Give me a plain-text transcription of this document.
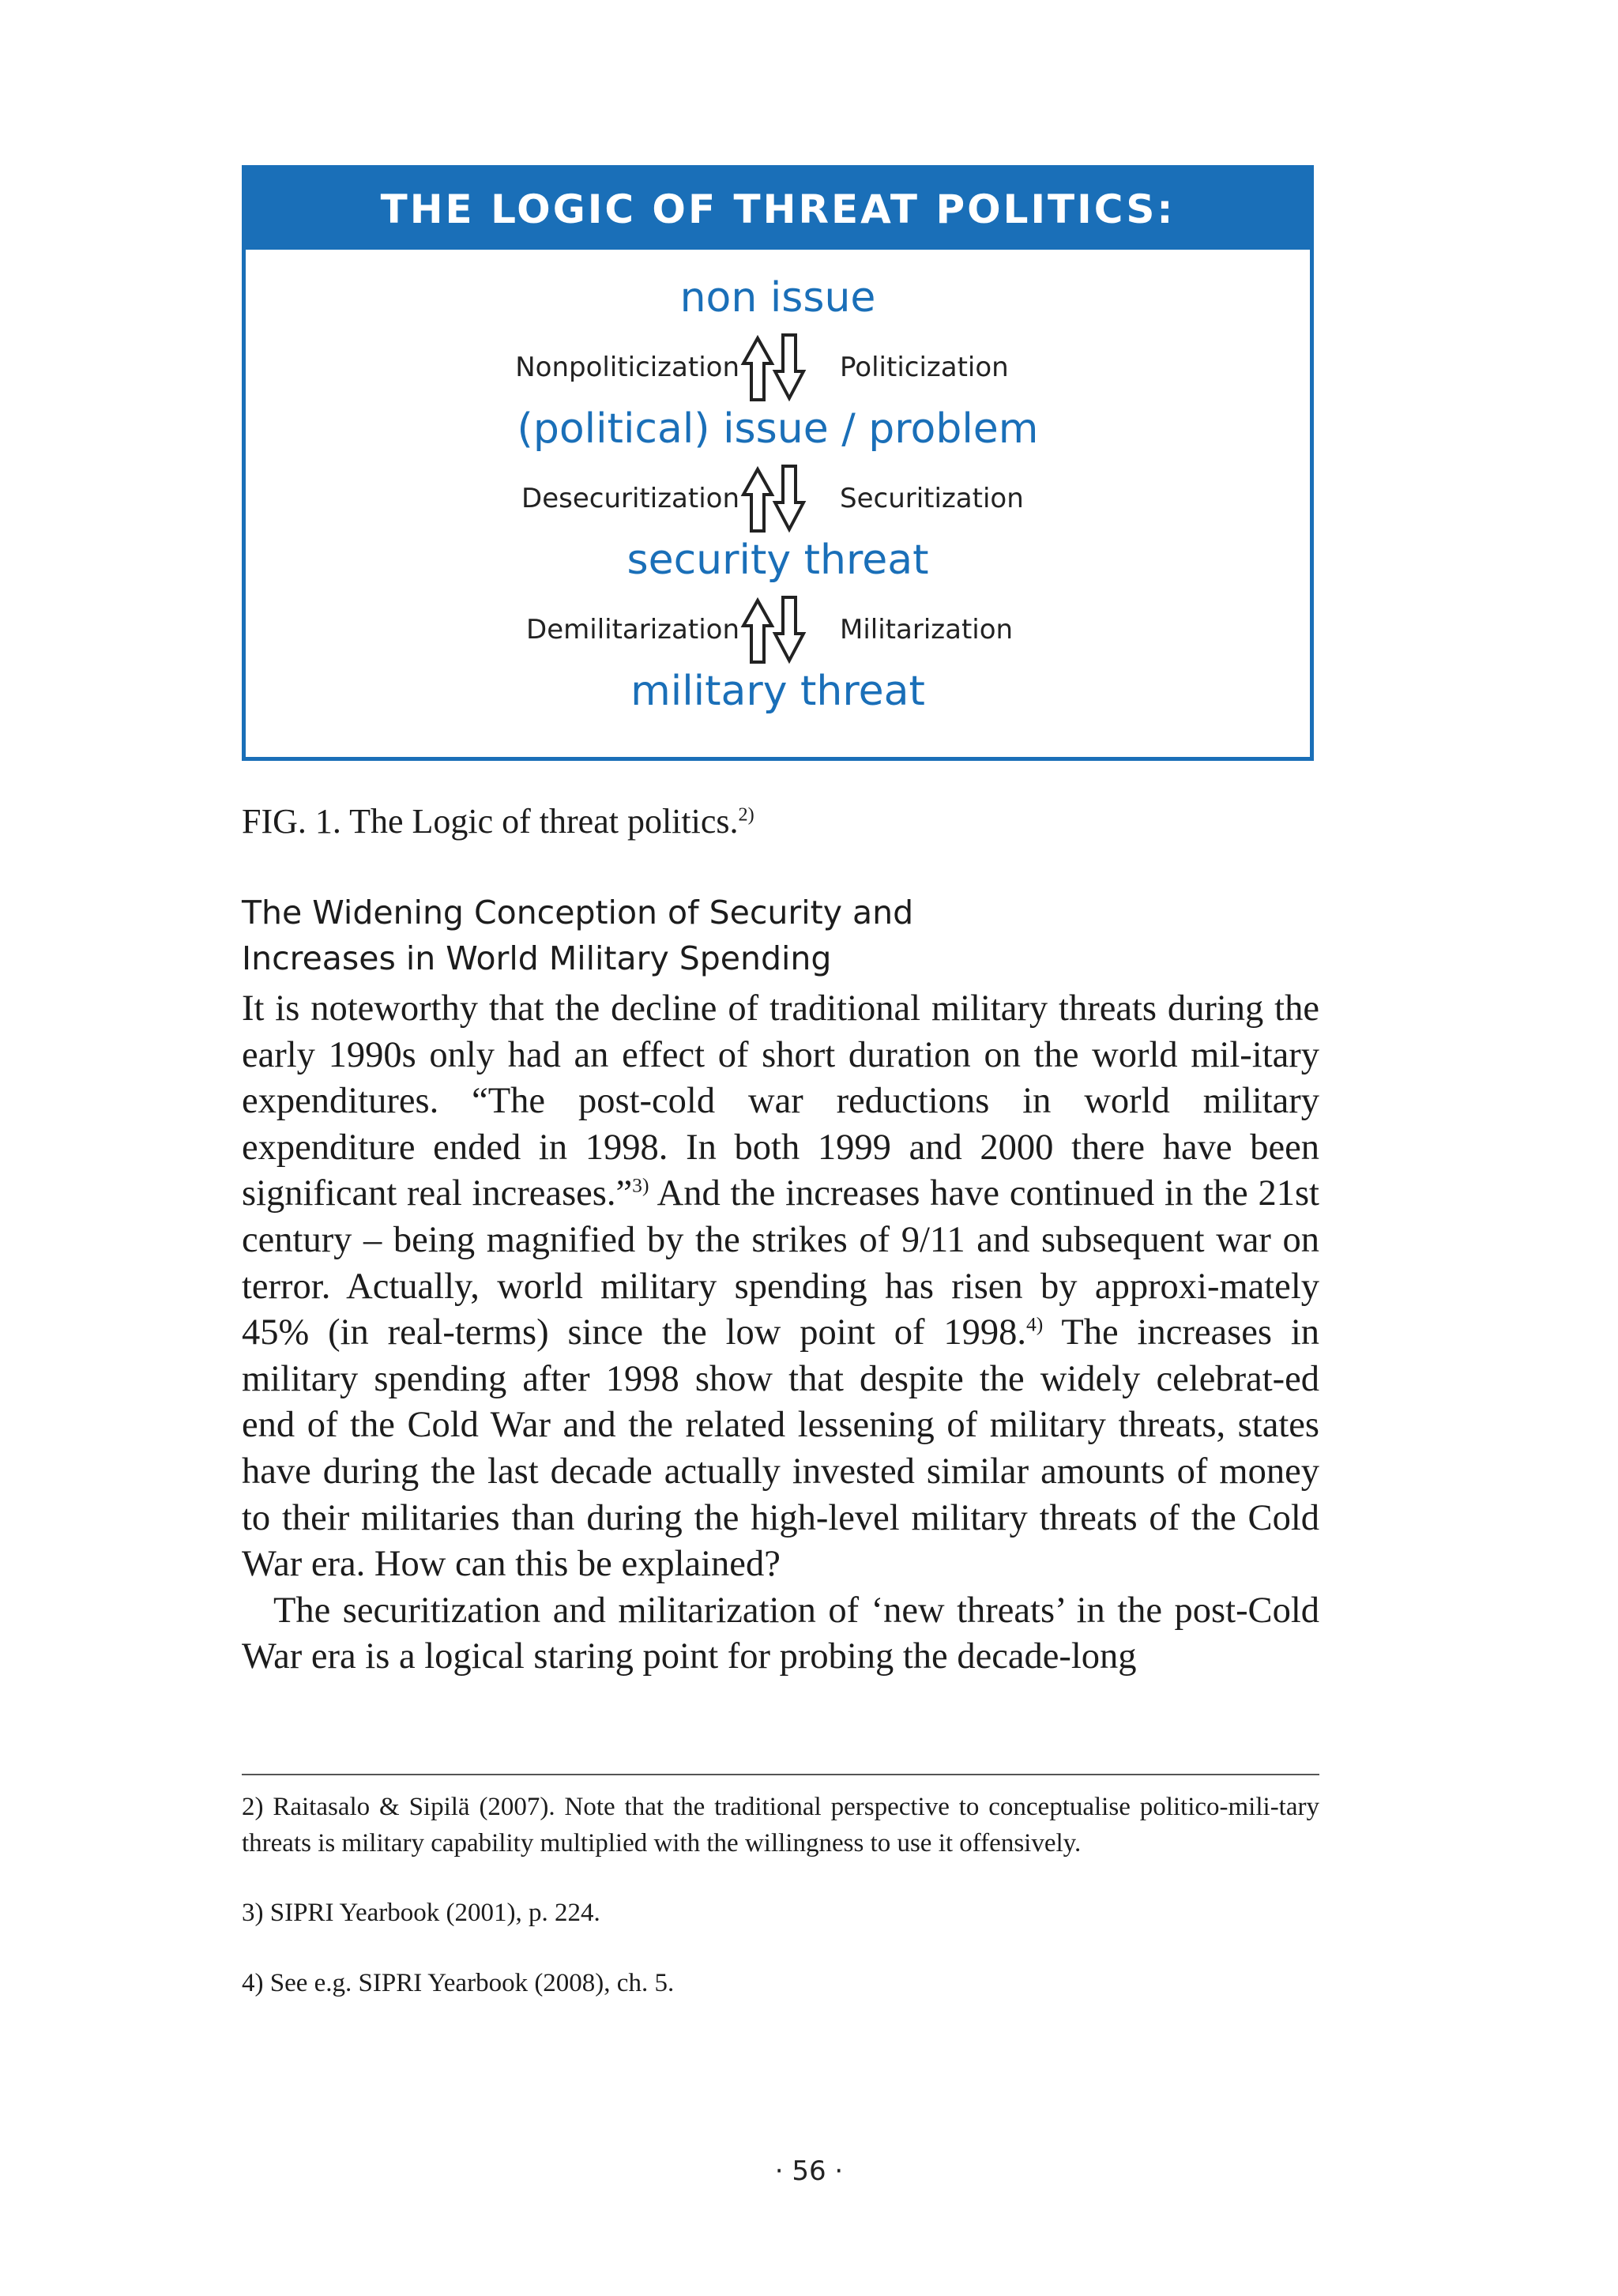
THE LOGIC OF THREAT POLITICS:
non issue
Nonpoliticization	Politicization
(political) issue / problem
Desecuritization	Securitization
security threat
Demilitarization	Militarization
military threat
FIG. 1. The Logic of threat politics.$^{2)}$
The Widening Conception of Security and
Increases in World Military Spending

It is noteworthy that the decline of traditional military threats during the early 1990s only had an effect of short duration on the world mil-itary expenditures. “The post-cold war reductions in world military expenditure ended in 1998. In both 1999 and 2000 there have been significant real increases.”$^{3)}$ And the increases have continued in the 21st century – being magnified by the strikes of 9/11 and subsequent war on terror. Actually, world military spending has risen by approxi-mately 45% (in real-terms) since the low point of 1998.$^{4)}$ The increases in military spending after 1998 show that despite the widely celebrat-ed end of the Cold War and the related lessening of military threats, states have during the last decade actually invested similar amounts of money to their militaries than during the high-level military threats of the Cold War era. How can this be explained?

The securitization and militarization of ‘new threats’ in the post-Cold War era is a logical staring point for probing the decade-long

2) Raitasalo & Sipilä (2007). Note that the traditional perspective to conceptualise politico-mili-tary threats is military capability multiplied with the willingness to use it offensively.
3) SIPRI Yearbook (2001), p. 224.
4) See e.g. SIPRI Yearbook (2008), ch. 5.
· 56 ·
